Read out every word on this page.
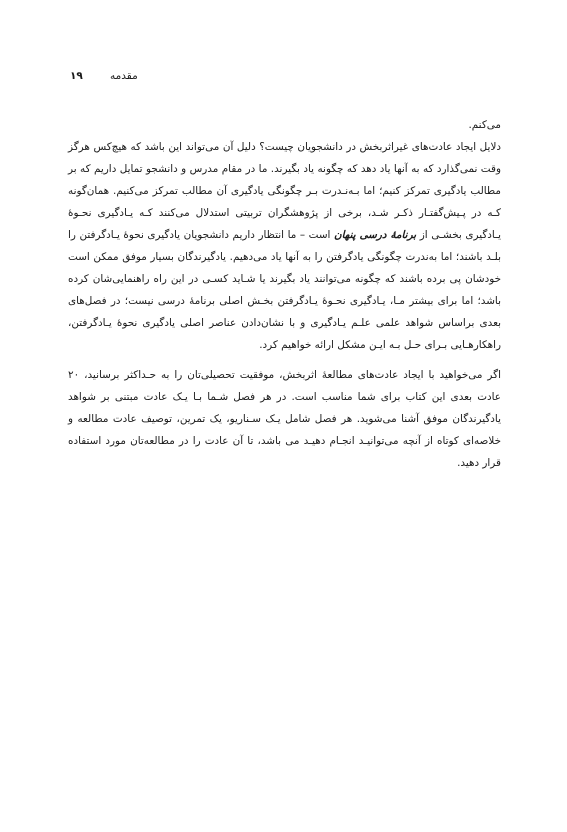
۱۹	مقدمه

می‌کنم.

دلایل ایجاد عادت‌های غیراثربخش در دانشجویان چیست؟ دلیل آن می‌تواند این باشد که هیچ‌کس هرگز وقت نمی‌گذارد که به آنها یاد دهد که چگونه یاد بگیرند. ما در مقام مدرس و دانشجو تمایل داریم که بر مطالب یادگیری تمرکز کنیم؛ اما بـه‌نـدرت بـر چگونگی یادگیری آن مطالب تمرکز می‌کنیم. همان‌گونه کـه در پـیش‌گفتـار ذکـر شـد، برخی از پژوهشگران تربیتی استدلال می‌کنند کـه یـادگیری نحـوهٔ یـادگیری بخشـی از برنامهٔ درسی پنهان است – ما انتظار داریم دانشجویان یادگیری نحوهٔ یـادگرفتن را بلـد باشند؛ اما به‌ندرت چگونگی یادگرفتن را به آنها یاد می‌دهیم. یادگیرندگان بسیار موفق ممکن است خودشان پی برده باشند که چگونه می‌توانند یاد بگیرند یا شـاید کسـی در این راه راهنمایی‌شان کرده باشد؛ اما برای بیشتر مـا، یـادگیری نحـوهٔ یـادگرفتن بخـش اصلی برنامهٔ درسی نیست؛ در فصل‌های بعدی براساس شواهد علمی علـم یـادگیری و با نشان‌دادن عناصر اصلی یادگیری نحوهٔ یـادگرفتن، راهکارهـایی بـرای حـل بـه ایـن مشکل ارائه خواهیم کرد.

اگر می‌خواهید با ایجاد عادت‌های مطالعهٔ اثربخش، موفقیت تحصیلی‌تان را به حـداکثر برسانید، ۲۰ عادت بعدی این کتاب برای شما مناسب است. در هر فصل شـما بـا یـک عادت مبتنی بر شواهد یادگیرندگان موفق آشنا می‌شوید. هر فصل شامل یـک سـناریو، یک تمرین، توصیف عادت مطالعه و خلاصه‌ای کوتاه از آنچه می‌توانیـد انجـام دهیـد می باشد، تا آن عادت را در مطالعه‌تان مورد استفاده قرار دهید.
